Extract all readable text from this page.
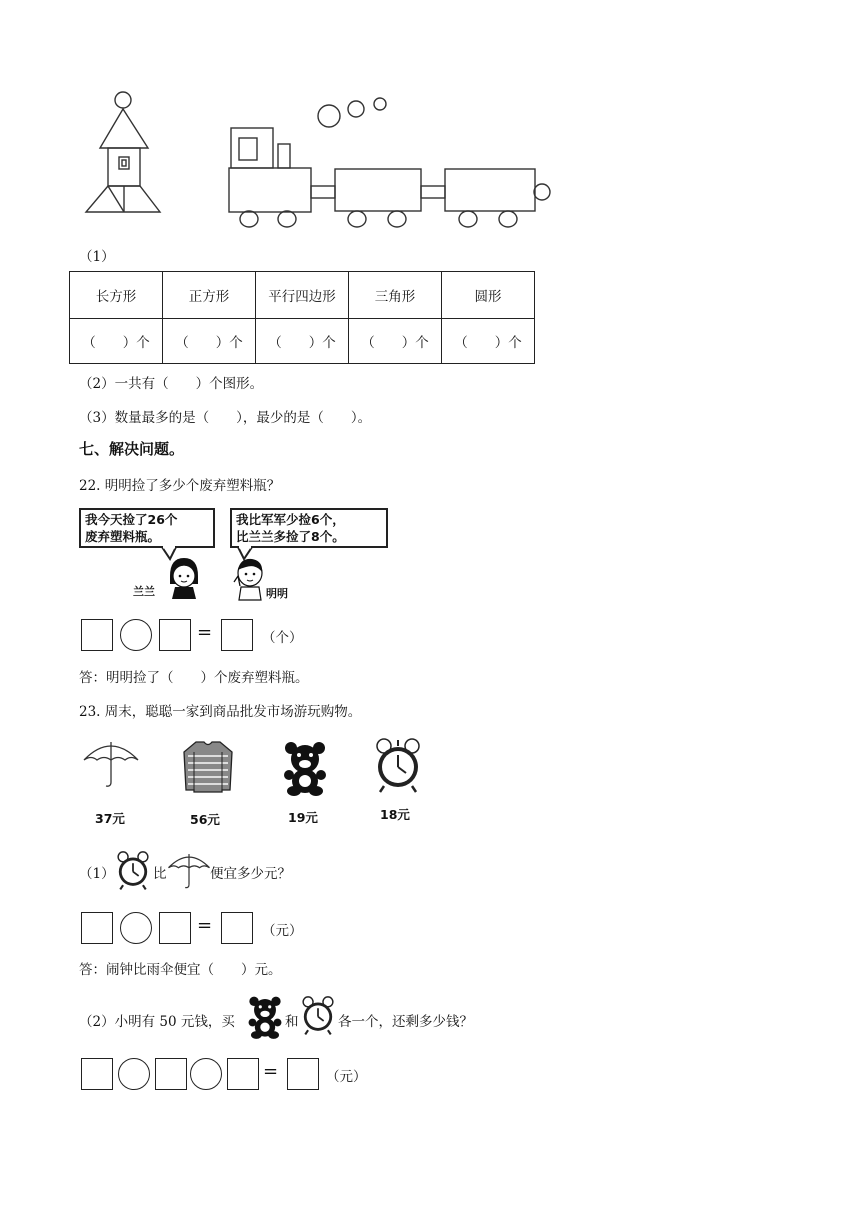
（1）
长方形	正方形	平行四边形	三角形	圆形
（　　）个	（　　）个	（　　）个	（　　）个	（　　）个
（2）一共有（　　）个图形。
（3）数量最多的是（　　），最少的是（　　）。
七、解决问题。
22. 明明捡了多少个废弃塑料瓶？
我今天捡了26个
废弃塑料瓶。
我比军军少捡6个，
比兰兰多捡了8个。
兰兰	明明
=	（个）
答：明明捡了（　　）个废弃塑料瓶。
23. 周末，聪聪一家到商品批发市场游玩购物。
37元	56元	19元	18元
（1）	比	便宜多少元？
=	（元）
答：闹钟比雨伞便宜（　　）元。
（2）小明有 50 元钱，买	和	各一个，还剩多少钱？
=	（元）
